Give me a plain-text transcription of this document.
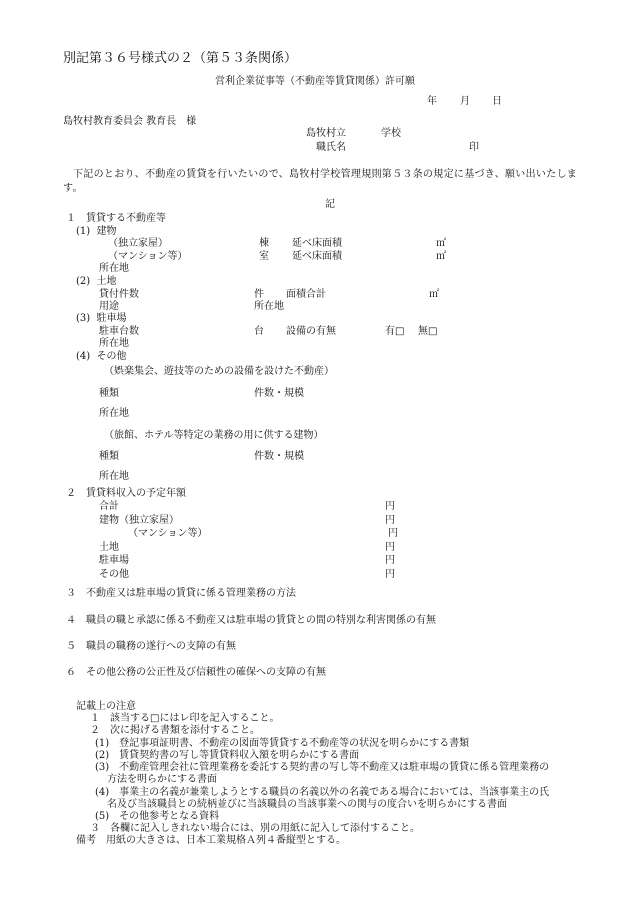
別記第３６号様式の２（第５３条関係）
営利企業従事等（不動産等賃貸関係）許可願
年 月 日
島牧村教育委員会 教育長　様
島牧村立	学校
職氏名	印
下記のとおり、不動産の賃貸を行いたいので、島牧村学校管理規則第５３条の規定に基づき、願い出いたします。
記
１　賃貸する不動産等
(1)  建物
（独立家屋）	棟 延べ床面積	㎡
（マンション等）	室 延べ床面積	㎡
所在地
(2)  土地
貸付件数	件 面積合計	㎡
用途	所在地
(3)  駐車場
駐車台数	台 設備の有無	有□ 無□
所在地
(4)  その他
（娯楽集会、遊技等のための設備を設けた不動産）
種類	件数・規模
所在地
（旅館、ホテル等特定の業務の用に供する建物）
種類	件数・規模
所在地
２　賃貸料収入の予定年額
合計	円
建物（独立家屋）	円
（マンション等）	円
土地	円
駐車場	円
その他	円
３　不動産又は駐車場の賃貸に係る管理業務の方法
４　職員の職と承認に係る不動産又は駐車場の賃貸との間の特別な利害関係の有無
５　職員の職務の遂行への支障の有無
６　その他公務の公正性及び信頼性の確保への支障の有無
記載上の注意
１　該当する□にはレ印を記入すること。
２　次に掲げる書類を添付すること。
(1)　登記事項証明書、不動産の図面等賃貸する不動産等の状況を明らかにする書類
(2)　賃貸契約書の写し等賃貸料収入額を明らかにする書面
(3)　不動産管理会社に管理業務を委託する契約書の写し等不動産又は駐車場の賃貸に係る管理業務の
方法を明らかにする書面
(4)　事業主の名義が兼業しようとする職員の名義以外の名義である場合においては、当該事業主の氏
名及び当該職員との続柄並びに当該職員の当該事業への関与の度合いを明らかにする書面
(5)　その他参考となる資料
３　各欄に記入しきれない場合には、別の用紙に記入して添付すること。
備考　用紙の大きさは、日本工業規格Ａ列４番縦型とする。
